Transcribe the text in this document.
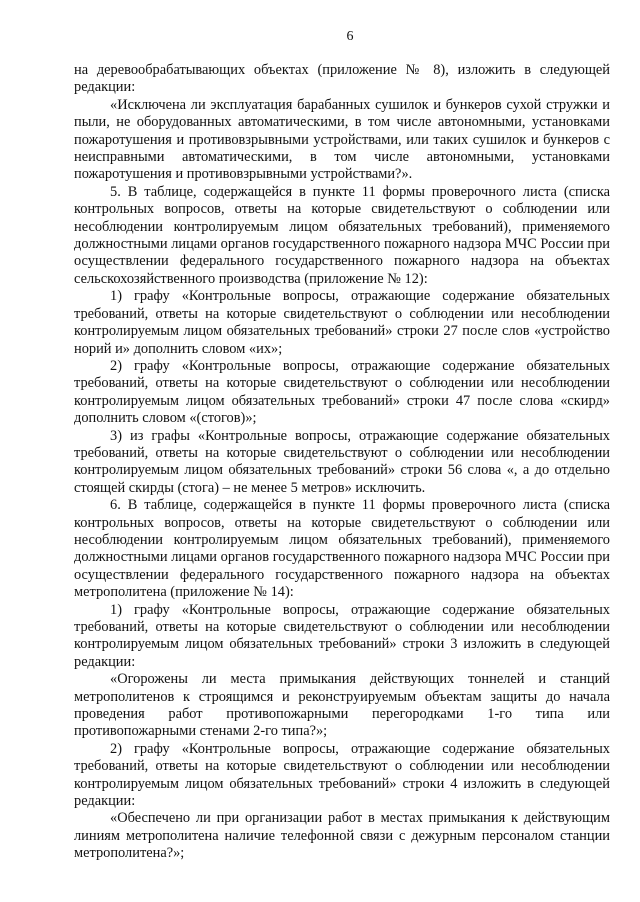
6

на деревообрабатывающих объектах (приложение № 8), изложить в следующей редакции:

«Исключена ли эксплуатация барабанных сушилок и бункеров сухой стружки и пыли, не оборудованных автоматическими, в том числе автономными, установками пожаротушения и противовзрывными устройствами, или таких сушилок и бункеров с неисправными автоматическими, в том числе автономными, установками пожаротушения и противовзрывными устройствами?».

5. В таблице, содержащейся в пункте 11 формы проверочного листа (списка контрольных вопросов, ответы на которые свидетельствуют о соблюдении или несоблюдении контролируемым лицом обязательных требований), применяемого должностными лицами органов государственного пожарного надзора МЧС России при осуществлении федерального государственного пожарного надзора на объектах сельскохозяйственного производства (приложение № 12):

1) графу «Контрольные вопросы, отражающие содержание обязательных требований, ответы на которые свидетельствуют о соблюдении или несоблюдении контролируемым лицом обязательных требований» строки 27 после слов «устройство норий и» дополнить словом «их»;

2) графу «Контрольные вопросы, отражающие содержание обязательных требований, ответы на которые свидетельствуют о соблюдении или несоблюдении контролируемым лицом обязательных требований» строки 47 после слова «скирд» дополнить словом «(стогов)»;

3) из графы «Контрольные вопросы, отражающие содержание обязательных требований, ответы на которые свидетельствуют о соблюдении или несоблюдении контролируемым лицом обязательных требований» строки 56 слова «, а до отдельно стоящей скирды (стога) – не менее 5 метров» исключить.

6. В таблице, содержащейся в пункте 11 формы проверочного листа (списка контрольных вопросов, ответы на которые свидетельствуют о соблюдении или несоблюдении контролируемым лицом обязательных требований), применяемого должностными лицами органов государственного пожарного надзора МЧС России при осуществлении федерального государственного пожарного надзора на объектах метрополитена (приложение № 14):

1) графу «Контрольные вопросы, отражающие содержание обязательных требований, ответы на которые свидетельствуют о соблюдении или несоблюдении контролируемым лицом обязательных требований» строки 3 изложить в следующей редакции:

«Огорожены ли места примыкания действующих тоннелей и станций метрополитенов к строящимся и реконструируемым объектам защиты до начала проведения работ противопожарными перегородками 1-го типа или противопожарными стенами 2-го типа?»;

2) графу «Контрольные вопросы, отражающие содержание обязательных требований, ответы на которые свидетельствуют о соблюдении или несоблюдении контролируемым лицом обязательных требований» строки 4 изложить в следующей редакции:

«Обеспечено ли при организации работ в местах примыкания к действующим линиям метрополитена наличие телефонной связи с дежурным персоналом станции метрополитена?»;
